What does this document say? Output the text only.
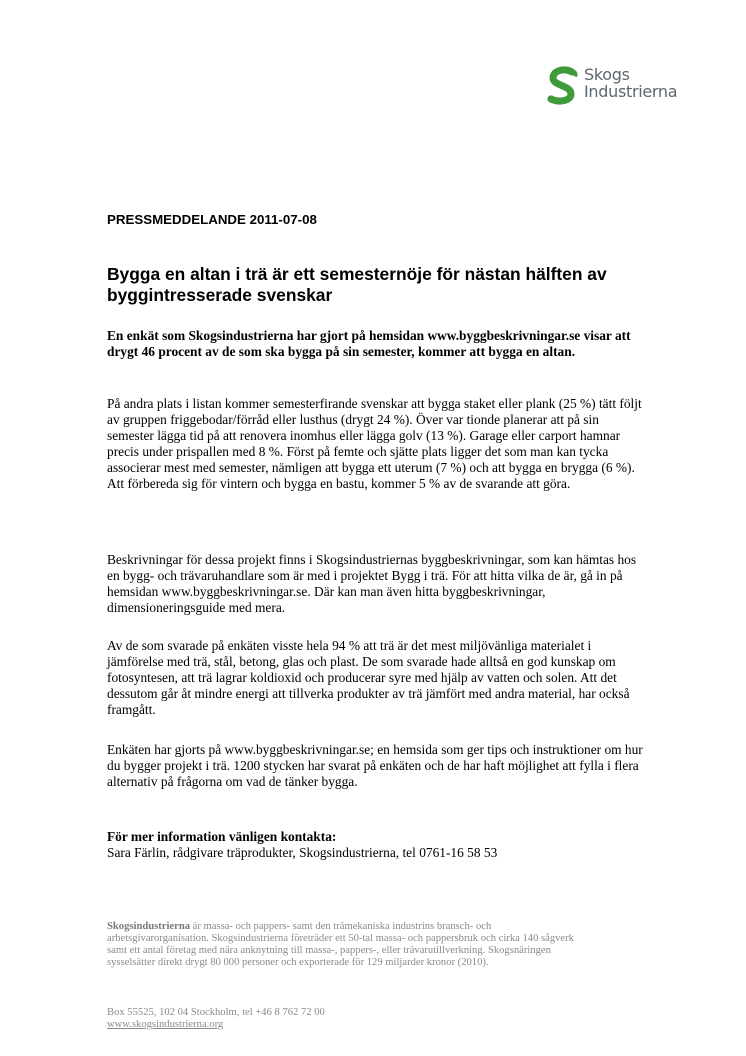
Skogs
Industrierna
PRESSMEDDELANDE 2011-07-08
Bygga en altan i trä är ett semesternöje för nästan hälften av byggintresserade svenskar

En enkät som Skogsindustrierna har gjort på hemsidan www.byggbeskrivningar.se visar att drygt 46 procent av de som ska bygga på sin semester, kommer att bygga en altan.

På andra plats i listan kommer semesterfirande svenskar att bygga staket eller plank (25 %) tätt följt av gruppen friggebodar/förråd eller lusthus (drygt 24 %). Över var tionde planerar att på sin semester lägga tid på att renovera inomhus eller lägga golv (13 %). Garage eller carport hamnar precis under prispallen med 8 %. Först på femte och sjätte plats ligger det som man kan tycka associerar mest med semester, nämligen att bygga ett uterum (7 %) och att bygga en brygga (6 %). Att förbereda sig för vintern och bygga en bastu, kommer 5 % av de svarande att göra.

Beskrivningar för dessa projekt finns i Skogsindustriernas byggbeskrivningar, som kan hämtas hos en bygg- och trävaruhandlare som är med i projektet Bygg i trä. För att hitta vilka de är, gå in på hemsidan www.byggbeskrivningar.se. Där kan man även hitta byggbeskrivningar, dimensioneringsguide med mera.

Av de som svarade på enkäten visste hela 94 % att trä är det mest miljövänliga materialet i jämförelse med trä, stål, betong, glas och plast. De som svarade hade alltså en god kunskap om fotosyntesen, att trä lagrar koldioxid och producerar syre med hjälp av vatten och solen. Att det dessutom går åt mindre energi att tillverka produkter av trä jämfört med andra material, har också framgått.

Enkäten har gjorts på www.byggbeskrivningar.se; en hemsida som ger tips och instruktioner om hur du bygger projekt i trä. 1200 stycken har svarat på enkäten och de har haft möjlighet att fylla i flera alternativ på frågorna om vad de tänker bygga.

För mer information vänligen kontakta:
Sara Färlin, rådgivare träprodukter, Skogsindustrierna, tel 0761-16 58 53

Skogsindustrierna är massa- och pappers- samt den trämekaniska industrins bransch- och arbetsgivarorganisation. Skogsindustrierna företräder ett 50-tal massa- och pappersbruk och cirka 140 sågverk samt ett antal företag med nära anknytning till massa-, pappers-, eller trävarutillverkning. Skogsnäringen sysselsätter direkt drygt 80 000 personer och exporterade för 129 miljarder kronor (2010).

Box 55525, 102 04 Stockholm, tel +46 8 762 72 00
www.skogsindustrierna.org
